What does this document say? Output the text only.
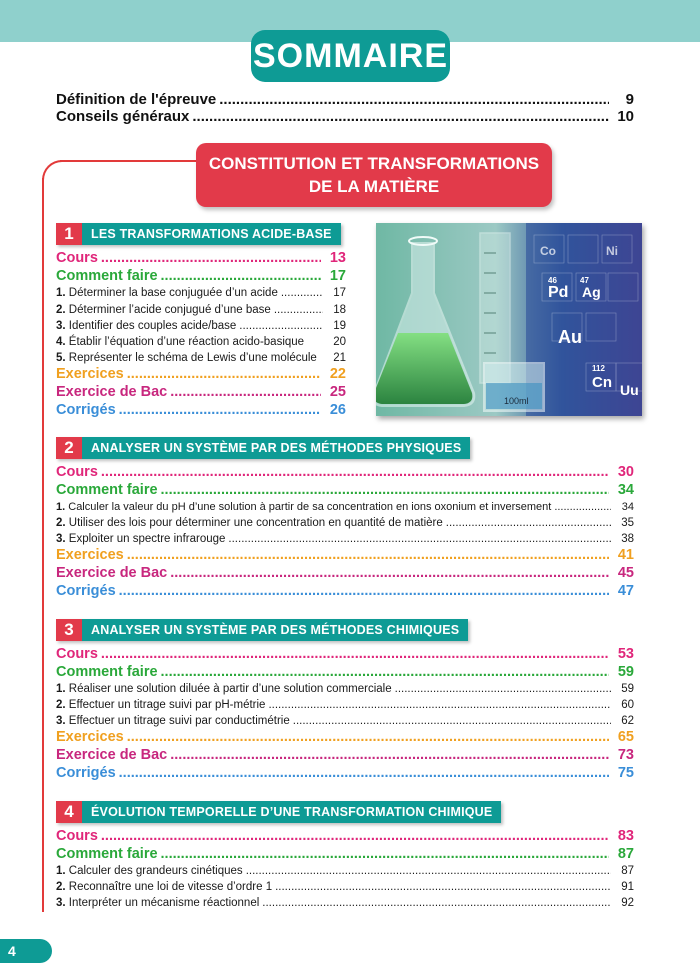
SOMMAIRE
Définition de l'épreuve .....	9
Conseils généraux .....	10
CONSTITUTION ET TRANSFORMATIONS
DE LA MATIÈRE
1	LES TRANSFORMATIONS ACIDE-BASE
Cours .....	13
Comment faire .....	17
1. Déterminer la base conjuguée d’un acide .....	17
2. Déterminer l’acide conjugué d’une base .....	18
3. Identifier des couples acide/base .....	19
4. Établir l’équation d’une réaction acido-basique	20
5. Représenter le schéma de Lewis d’une molécule	21
Exercices .....	22
Exercice de Bac .....	25
Corrigés .....	26
Co	Ni
46
Pd
47
Ag
Au
112
Cn Uu
100ml
2	ANALYSER UN SYSTÈME PAR DES MÉTHODES PHYSIQUES
Cours .....	30
Comment faire .....	34
1. Calculer la valeur du pH d’une solution à partir de sa concentration en ions oxonium et inversement .....	34
2. Utiliser des lois pour déterminer une concentration en quantité de matière .....	35
3. Exploiter un spectre infrarouge .....	38
Exercices .....	41
Exercice de Bac .....	45
Corrigés .....	47
3	ANALYSER UN SYSTÈME PAR DES MÉTHODES CHIMIQUES
Cours .....	53
Comment faire .....	59
1. Réaliser une solution diluée à partir d’une solution commerciale .....	59
2. Effectuer un titrage suivi par pH-métrie .....	60
3. Effectuer un titrage suivi par conductimétrie .....	62
Exercices .....	65
Exercice de Bac .....	73
Corrigés .....	75
4	ÉVOLUTION TEMPORELLE D’UNE TRANSFORMATION CHIMIQUE
Cours .....	83
Comment faire .....	87
1. Calculer des grandeurs cinétiques .....	87
2. Reconnaître une loi de vitesse d’ordre 1 .....	91
3. Interpréter un mécanisme réactionnel .....	92
4
